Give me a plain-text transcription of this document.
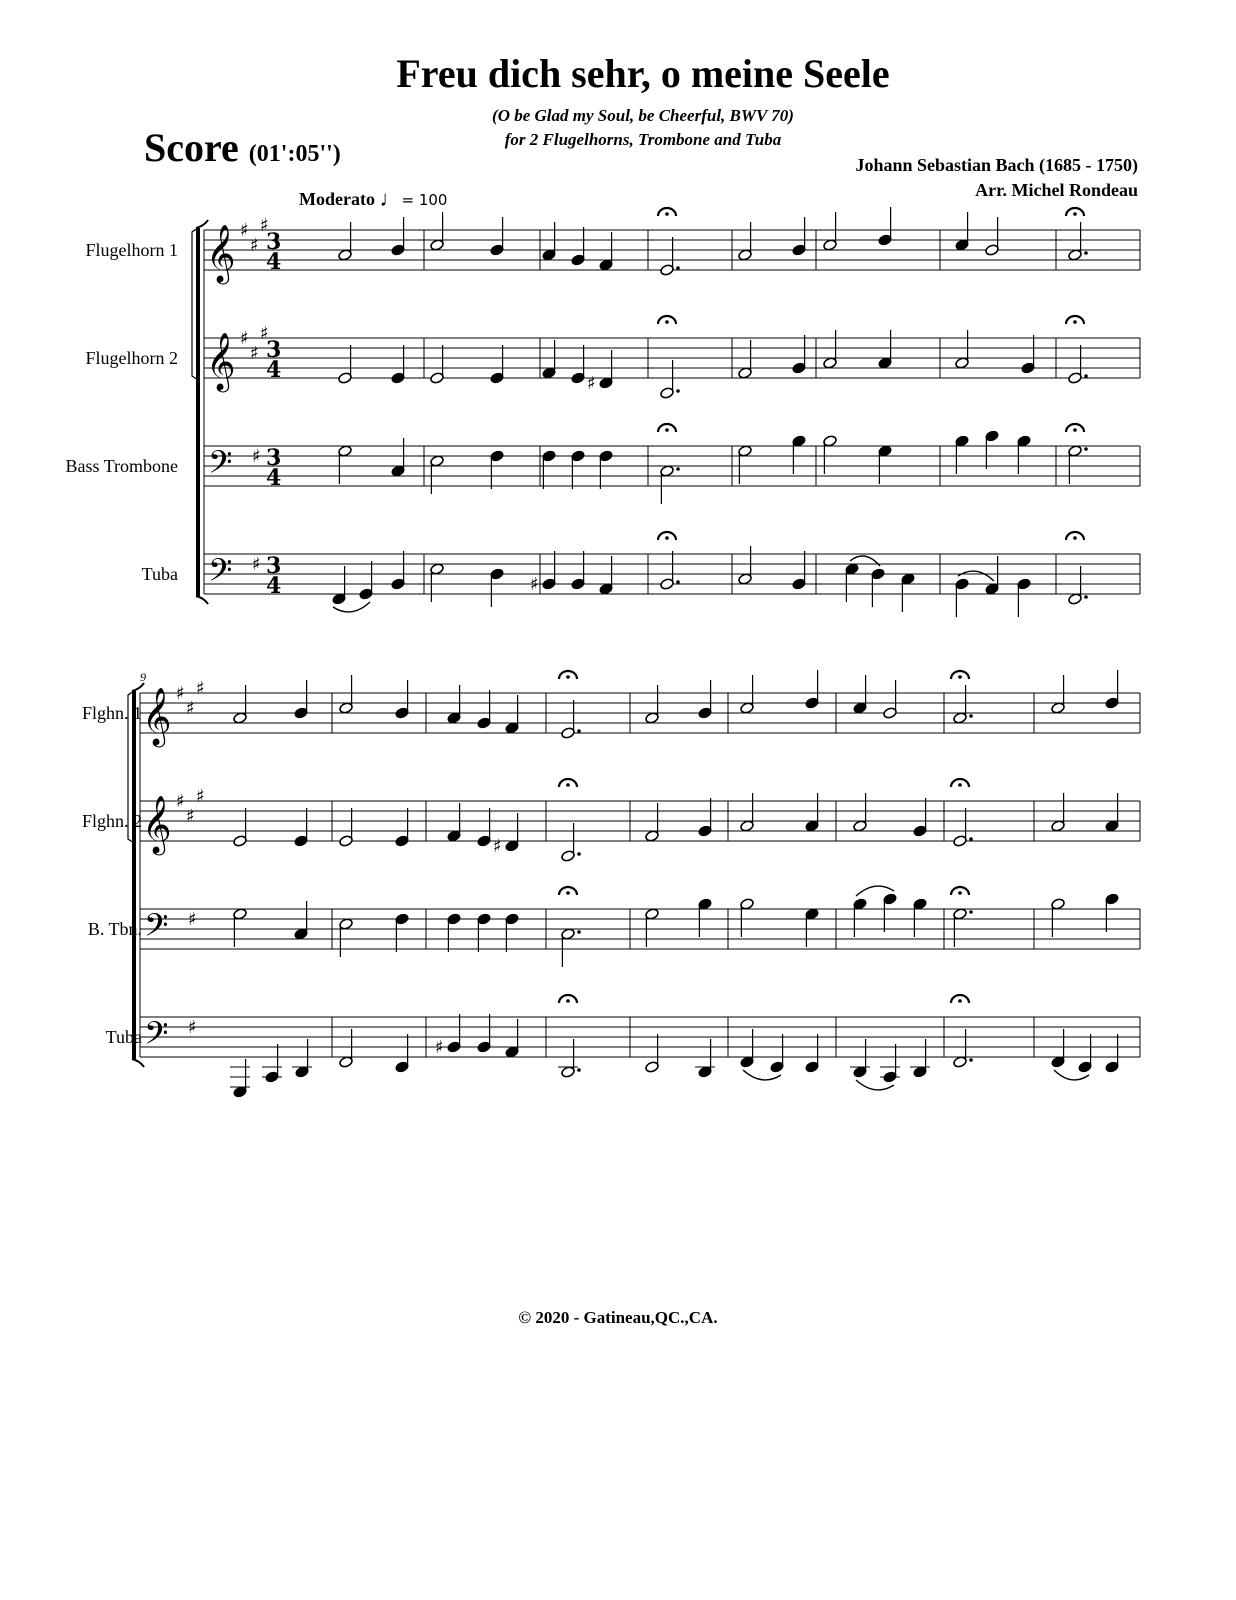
Freu dich sehr, o meine Seele
(O be Glad my Soul, be Cheerful, BWV 70)
for 2 Flugelhorns, Trombone and Tuba
Score (01':05'')	Johann Sebastian Bach (1685 - 1750)
Arr. Michel Rondeau
Moderato ♩= 100
Flugelhorn 1
Flugelhorn 2
Bass Trombone
Tuba
Flghn. 1
Flghn. 2
B. Tbn.
Tuba
9
𝄞
𝄞
𝄢
𝄢
♯
♯
♯
♯
♯
♯
♯
♯
3
4
3
4
3
4
3
4
♯
♯
𝄞
𝄞
𝄢
𝄢
♯
♯
♯
♯
♯
♯
♯
♯
♯
♯
© 2020 - Gatineau,QC.,CA.
